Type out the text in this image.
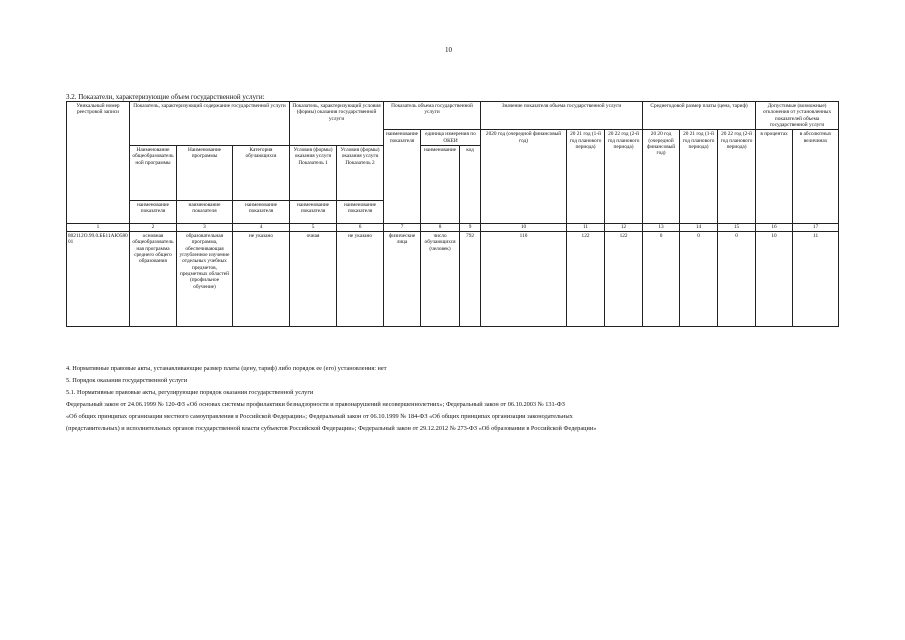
10
3.2. Показатели, характеризующие объем государственной услуги:
Уникальный номер реестровой записи	Показатель, характеризующий содержание государственной услуги			Показатель, характеризующий условия (формы) оказания государственной услуги		Показатель объема государственной услуги			Значение показателя объема государственной услуги			Среднегодовой размер платы (цена, тариф)			Допустимые (возможные) отклонения от установленных показателей объема государственной услуги	
						наименование показателя	единица измерения по ОКЕИ		2020 год (очередной финансовый год)	20 21 год (1-й год планового периода)	20 22 год (2-й год планового периода)	20 20 год (очередной финансовый год)	20 21 год (1-й год планового периода)	20 22 год (2-й год планового периода)	в процентах	в абсолютных величинах
	Наименование общеобразовательной программы	Наименование программы	Категория обучающихся	Условия (формы) оказания услуги Показатель 1	Условия (формы) оказания услуги Показатель 2		наименование	код								
	наименование показателя	наименование показателя	наименование показателя	наименование показателя	наименование показателя											
1	2	3	4	5	6	7	8	9	10	11	12	13	14	15	16	17
802112О.99.0.ББ11АЮ58001	основная общеобразовательная программа среднего общего образования	образовательная программа, обеспечивающая углубленное изучение отдельных учебных предметов, предметных областей (профильное обучение)	не указано	очная	не указано	физические лица	число обучающихся (человек)	792	110	122	122	0	0	0	10	11
4. Нормативные правовые акты, устанавливающие размер платы (цену, тариф) либо порядок ее (его) установления: нет
5. Порядок оказания государственной услуги
5.1. Нормативные правовые акты, регулирующие порядок оказания государственной услуги
Федеральный закон от 24.06.1999 № 120-ФЗ «Об основах системы профилактики безнадзорности и правонарушений несовершеннолетних»; Федеральный закон от 06.10.2003 № 131-ФЗ
«Об общих принципах организации местного самоуправления в Российской Федерации»; Федеральный закон от 06.10.1999 № 184-ФЗ «Об общих принципах организации законодательных
(представительных) и исполнительных органов государственной власти субъектов Российской Федерации»; Федеральный закон от 29.12.2012 № 273-ФЗ «Об образовании в Российской Федерации»
